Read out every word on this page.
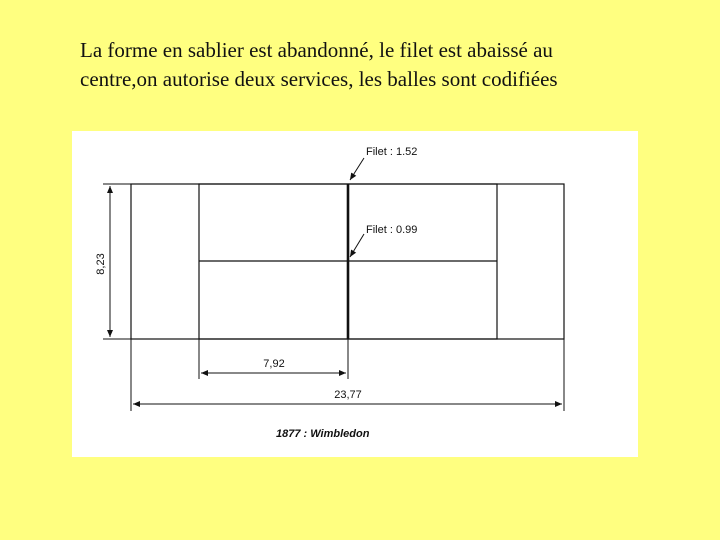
La forme en sablier est abandonné, le filet est abaissé au
centre,on autorise deux services, les balles sont codifiées
Filet : 1.52
Filet : 0.99
8,23
7,92
23,77
1877 : Wimbledon
